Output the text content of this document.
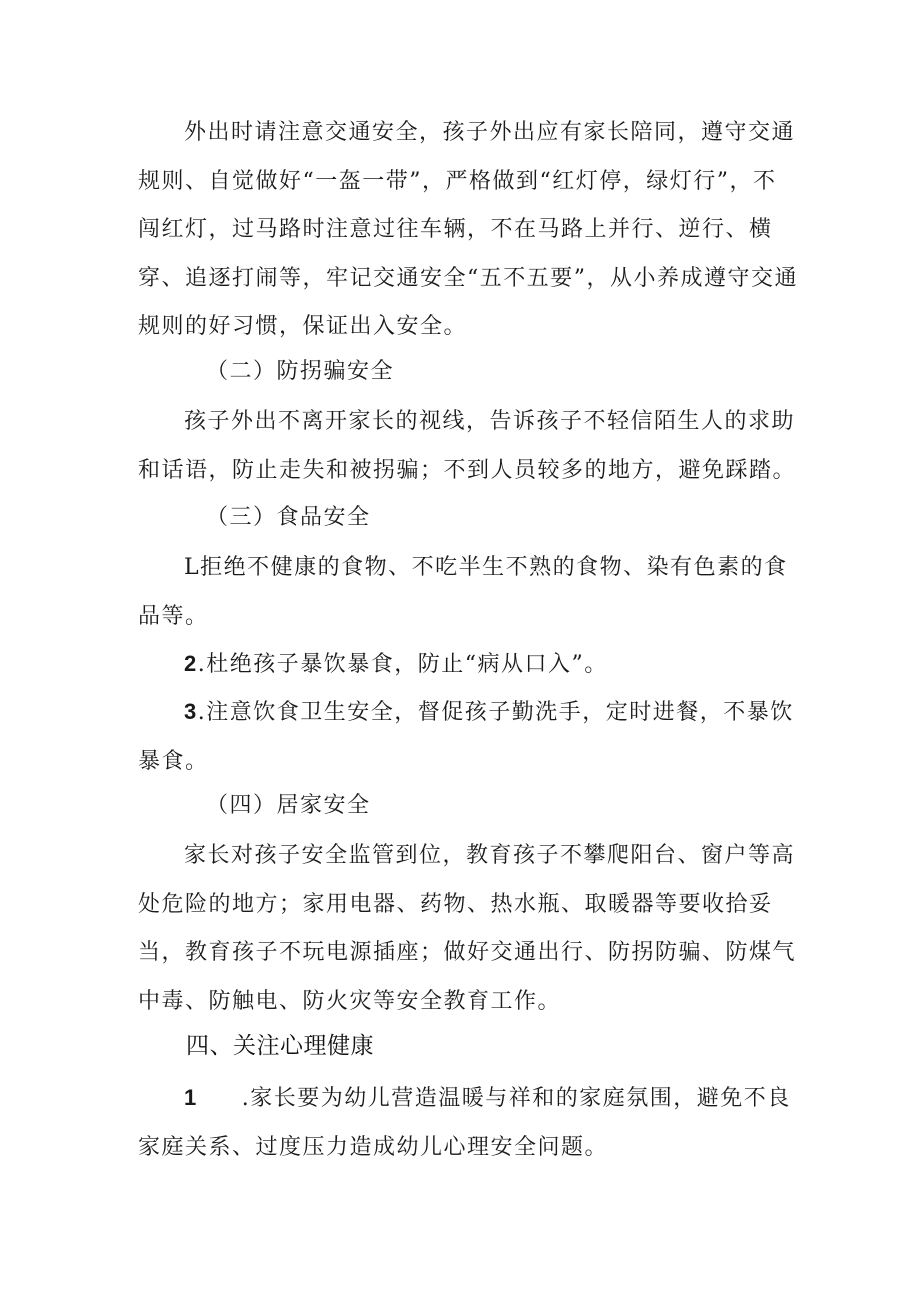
外出时请注意交通安全，孩子外出应有家长陪同，遵守交通规则、自觉做好“一盔一带”，严格做到“红灯停，绿灯行”，不闯红灯，过马路时注意过往车辆，不在马路上并行、逆行、横穿、追逐打闹等，牢记交通安全“五不五要”，从小养成遵守交通规则的好习惯，保证出入安全。

（二）防拐骗安全

孩子外出不离开家长的视线，告诉孩子不轻信陌生人的求助和话语，防止走失和被拐骗；不到人员较多的地方，避免踩踏。

（三）食品安全

L拒绝不健康的食物、不吃半生不熟的食物、染有色素的食品等。

2.杜绝孩子暴饮暴食，防止“病从口入”。

3.注意饮食卫生安全，督促孩子勤洗手，定时进餐，不暴饮暴食。

（四）居家安全

家长对孩子安全监管到位，教育孩子不攀爬阳台、窗户等高处危险的地方；家用电器、药物、热水瓶、取暖器等要收拾妥当，教育孩子不玩电源插座；做好交通出行、防拐防骗、防煤气中毒、防触电、防火灾等安全教育工作。

四、关注心理健康

1 .家长要为幼儿营造温暖与祥和的家庭氛围，避免不良家庭关系、过度压力造成幼儿心理安全问题。
